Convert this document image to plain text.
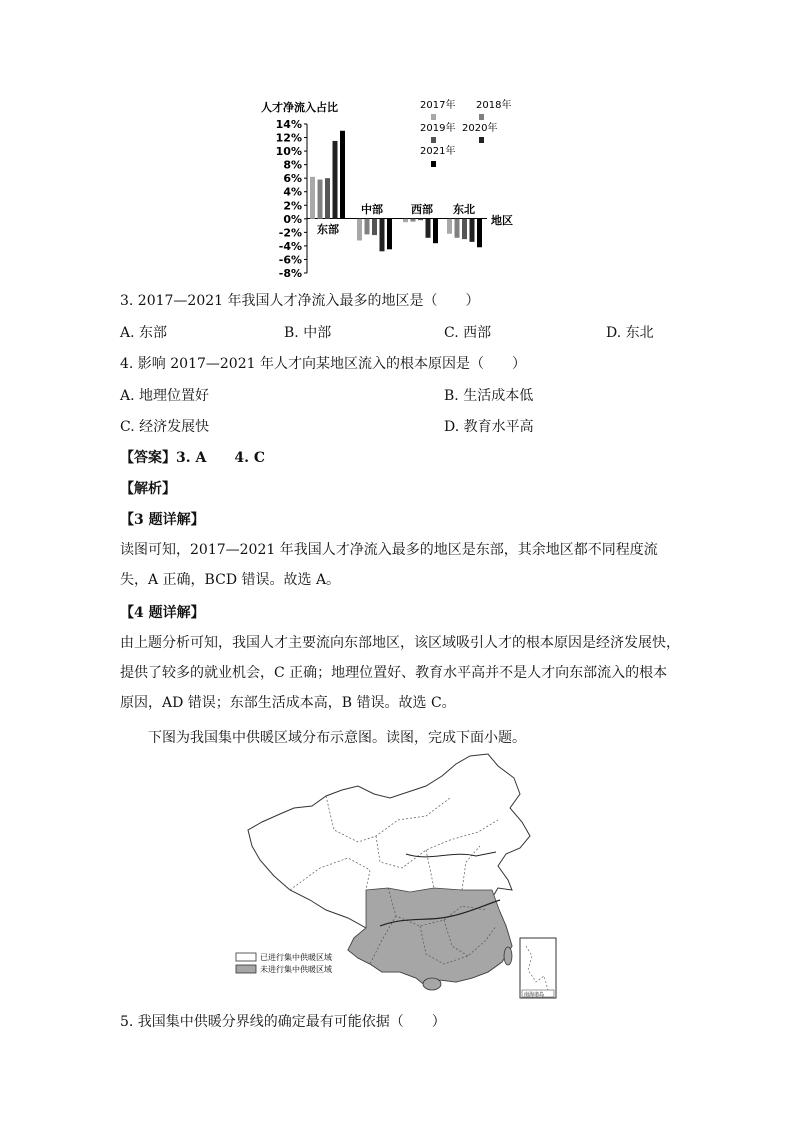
人才净流入占比
14%
12%
10%
8%
6%
4%
2%
0%
-2%
-4%
-6%
-8%
东部
中部	西部 东北
2017年 2018年
2019年 2020年
2021年
地区
3. 2017—2021 年我国人才净流入最多的地区是（　　）
A. 东部	B. 中部	C. 西部	D. 东北
4. 影响 2017—2021 年人才向某地区流入的根本原因是（　　）
A. 地理位置好	B. 生活成本低
C. 经济发展快	D. 教育水平高
【答案】3. A　　4. C
【解析】
【3 题详解】
读图可知，2017—2021 年我国人才净流入最多的地区是东部，其余地区都不同程度流失，A 正确，BCD 错误。故选 A。
【4 题详解】
由上题分析可知，我国人才主要流向东部地区，该区域吸引人才的根本原因是经济发展快，提供了较多的就业机会，C 正确；地理位置好、教育水平高并不是人才向东部流入的根本原因，AD 错误；东部生活成本高，B 错误。故选 C。
下图为我国集中供暖区域分布示意图。读图，完成下面小题。
南海诸岛
已进行集中供暖区域
未进行集中供暖区域
5. 我国集中供暖分界线的确定最有可能依据（　　）
